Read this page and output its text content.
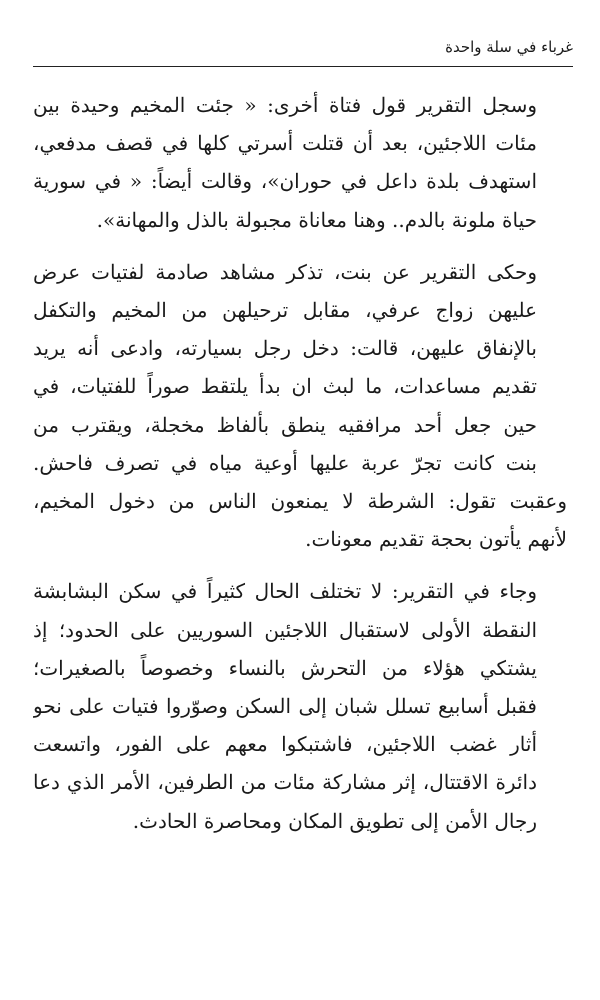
غرباء في سلة واحدة

وسجل التقرير قول فتاة أخرى: « جئت المخيم وحيدة بين
مئات اللاجئين، بعد أن قتلت أسرتي كلها في قصف مدفعي،
استهدف بلدة داعل في حوران»، وقالت أيضاً: « في سورية
حياة ملونة بالدم.. وهنا معاناة مجبولة بالذل والمهانة».

وحكى التقرير عن بنت، تذكر مشاهد صادمة لفتيات عرض
عليهن زواج عرفي، مقابل ترحيلهن من المخيم والتكفل
بالإنفاق عليهن، قالت: دخل رجل بسيارته، وادعى أنه يريد
تقديم مساعدات، ما لبث ان بدأ يلتقط صوراً للفتيات، في
حين جعل أحد مرافقيه ينطق بألفاظ مخجلة، ويقترب من
بنت كانت تجرّ عربة عليها أوعية مياه في تصرف فاحش.

وعقبت تقول: الشرطة لا يمنعون الناس من دخول المخيم،
لأنهم يأتون بحجة تقديم معونات.

وجاء في التقرير: لا تختلف الحال كثيراً في سكن البشابشة
النقطة الأولى لاستقبال اللاجئين السوريين على الحدود؛ إذ
يشتكي هؤلاء من التحرش بالنساء وخصوصاً بالصغيرات؛
فقبل أسابيع تسلل شبان إلى السكن وصوّروا فتيات على نحو
أثار غضب اللاجئين، فاشتبكوا معهم على الفور، واتسعت
دائرة الاقتتال، إثر مشاركة مئات من الطرفين، الأمر الذي دعا
رجال الأمن إلى تطويق المكان ومحاصرة الحادث.
